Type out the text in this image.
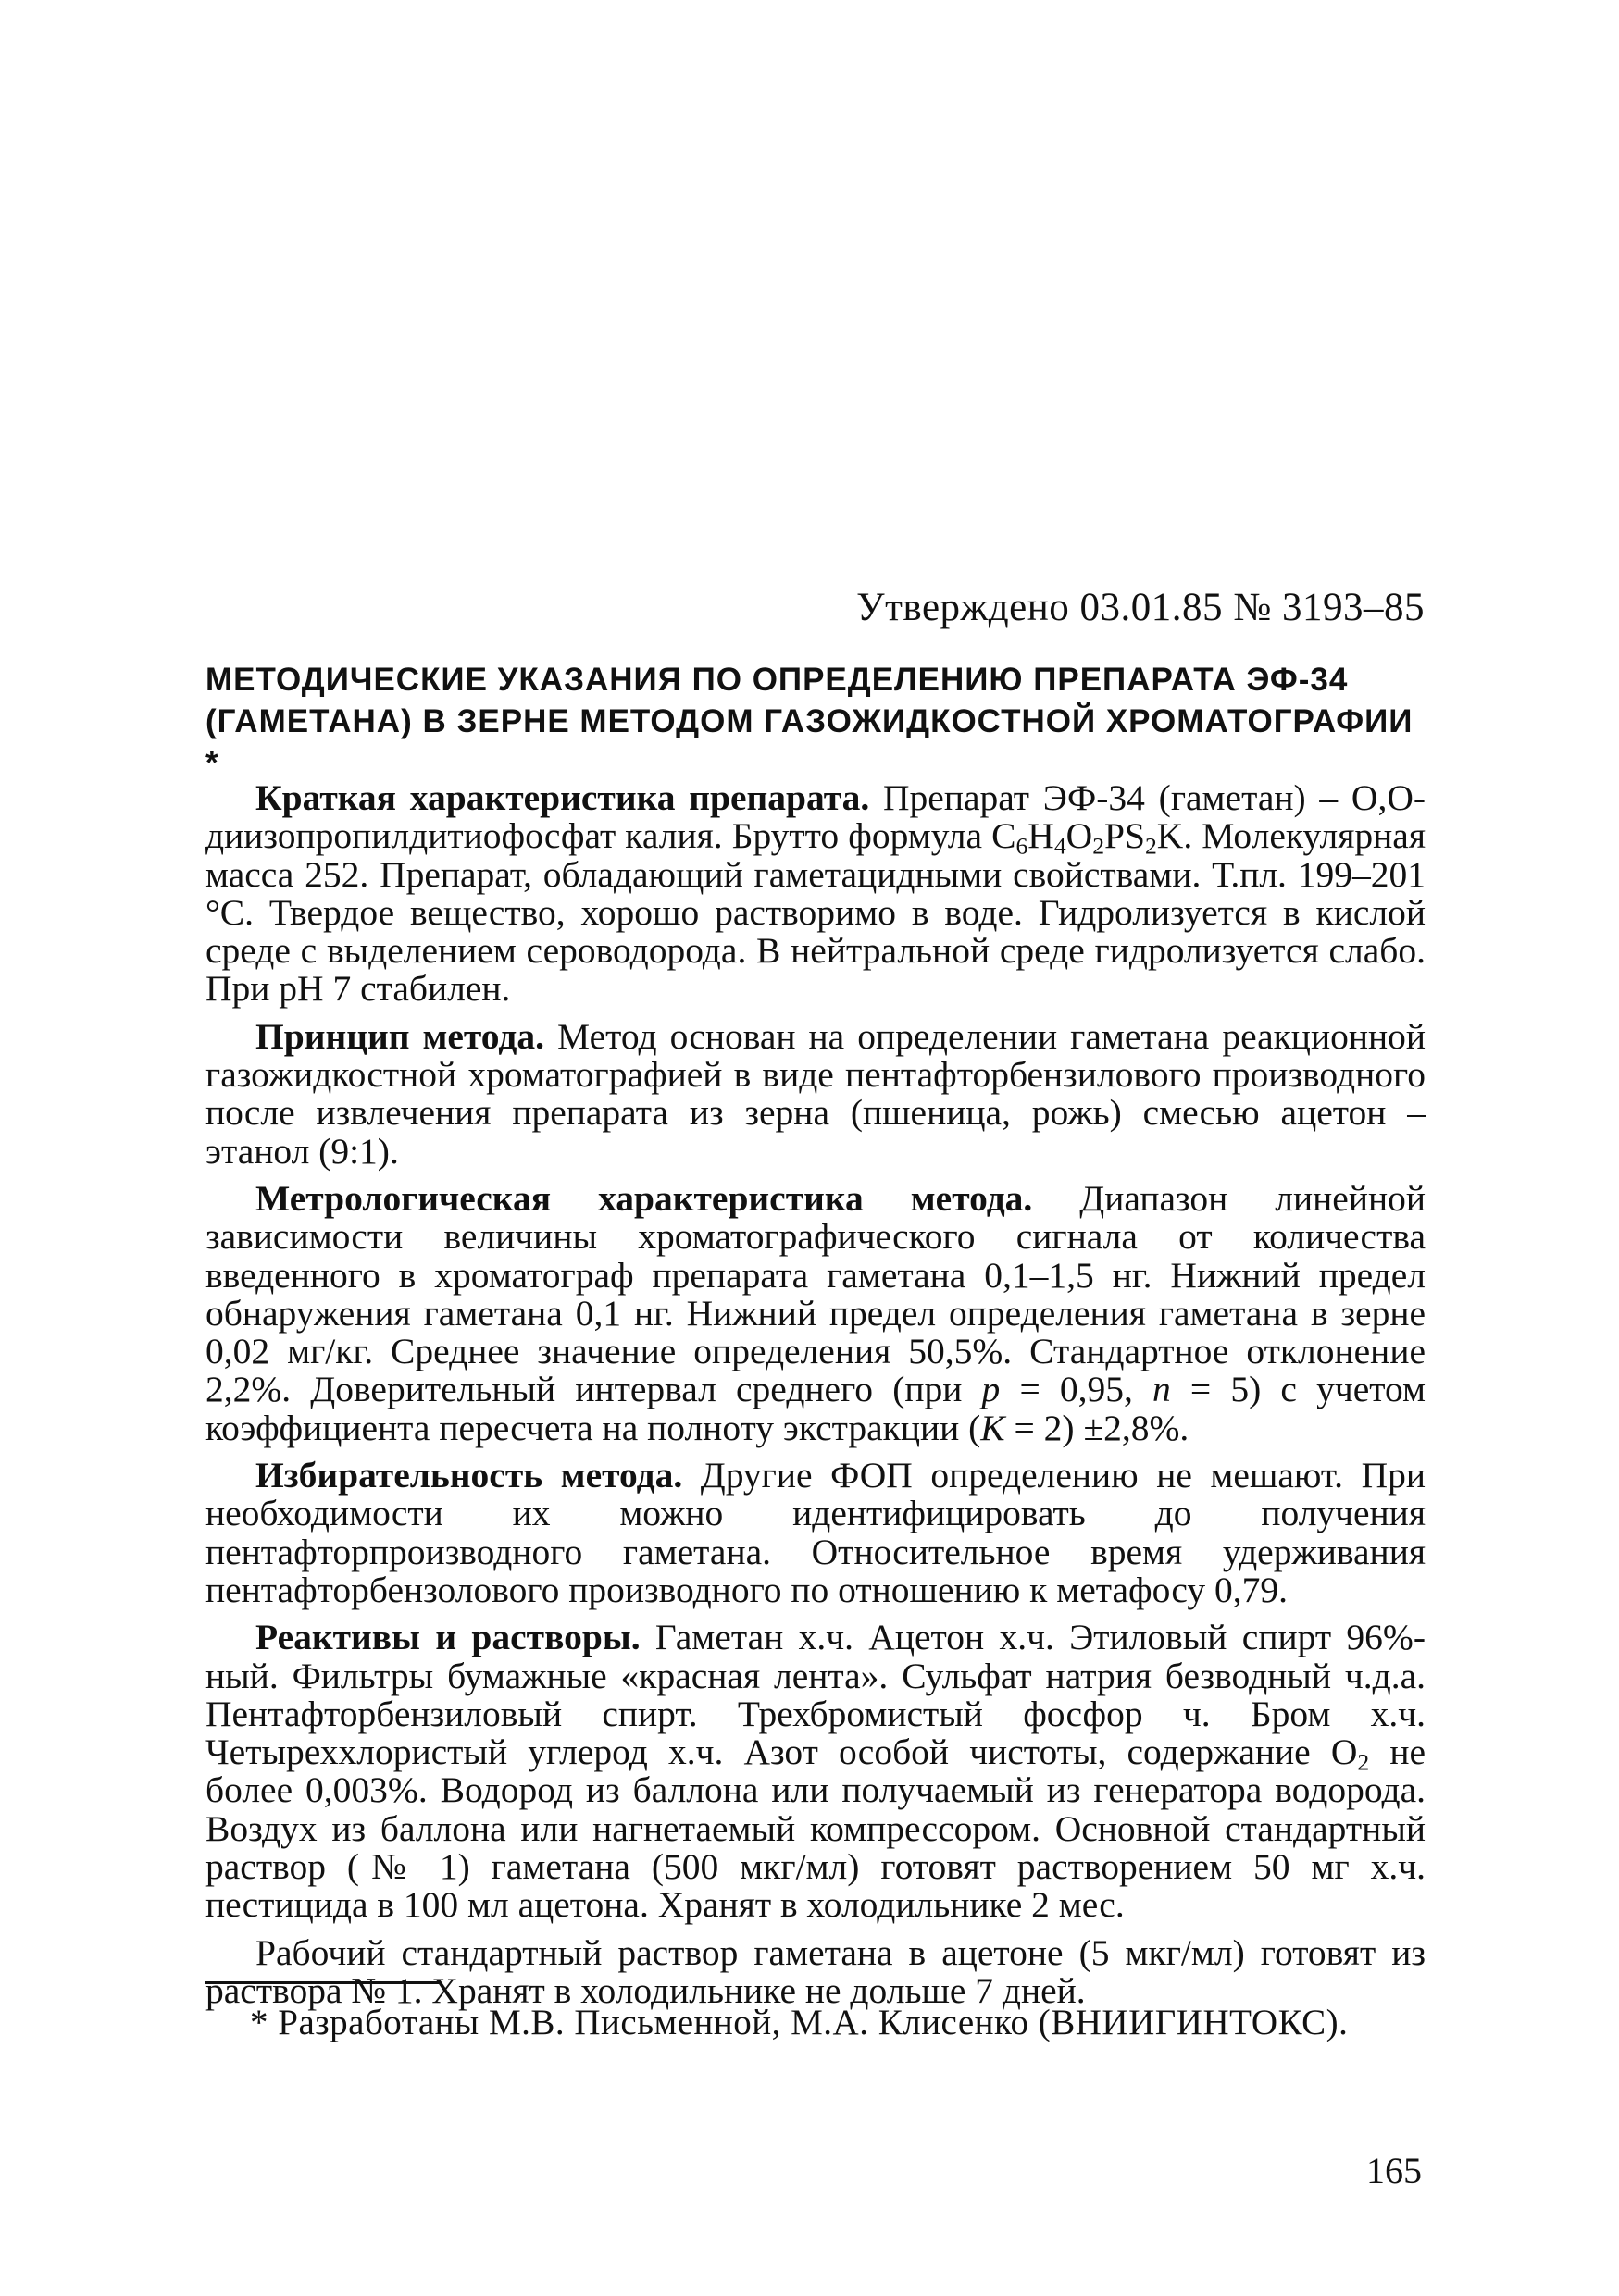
Утверждено 03.01.85 № 3193–85
МЕТОДИЧЕСКИЕ УКАЗАНИЯ ПО ОПРЕДЕЛЕНИЮ ПРЕПАРАТА ЭФ-34 (ГАМЕТАНА) В ЗЕРНЕ МЕТОДОМ ГАЗОЖИДКОСТНОЙ ХРОМАТОГРАФИИ *

Краткая характеристика препарата. Препарат ЭФ-34 (гаметан) – О,О-диизопропилдитиофосфат калия. Брутто формула $C_6H_4O_2PS_2K$. Молекулярная масса 252. Препарат, обладающий гаметацидными свойствами. Т.пл. 199–201 °C. Твердое вещество, хорошо растворимо в воде. Гидролизуется в кислой среде с выделением сероводорода. В нейтральной среде гидролизуется слабо. При pH 7 стабилен.

Принцип метода. Метод основан на определении гаметана реакционной газожидкостной хроматографией в виде пентафторбензилового производного после извлечения препарата из зерна (пшеница, рожь) смесью ацетон – этанол (9:1).

Метрологическая характеристика метода. Диапазон линейной зависимости величины хроматографического сигнала от количества введенного в хроматограф препарата гаметана 0,1–1,5 нг. Нижний предел обнаружения гаметана 0,1 нг. Нижний предел определения гаметана в зерне 0,02 мг/кг. Среднее значение определения 50,5%. Стандартное отклонение 2,2%. Доверительный интервал среднего (при p = 0,95, n = 5) с учетом коэффициента пересчета на полноту экстракции (K = 2) ±2,8%.

Избирательность метода. Другие ФОП определению не мешают. При необходимости их можно идентифицировать до получения пентафторпроизводного гаметана. Относительное время удерживания пентафторбензолового производного по отношению к метафосу 0,79.

Реактивы и растворы. Гаметан х.ч. Ацетон х.ч. Этиловый спирт 96%-ный. Фильтры бумажные «красная лента». Сульфат натрия безводный ч.д.а. Пентафторбензиловый спирт. Трехбромистый фосфор ч. Бром х.ч. Четыреххлористый углерод х.ч. Азот особой чистоты, содержание $O_2$ не более 0,003%. Водород из баллона или получаемый из генератора водорода. Воздух из баллона или нагнетаемый компрессором. Основной стандартный раствор (№ 1) гаметана (500 мкг/мл) готовят растворением 50 мг х.ч. пестицида в 100 мл ацетона. Хранят в холодильнике 2 мес.

Рабочий стандартный раствор гаметана в ацетоне (5 мкг/мл) готовят из раствора № 1. Хранят в холодильнике не дольше 7 дней.

* Разработаны М.В. Письменной, М.А. Клисенко (ВНИИГИНТОКС).
165
